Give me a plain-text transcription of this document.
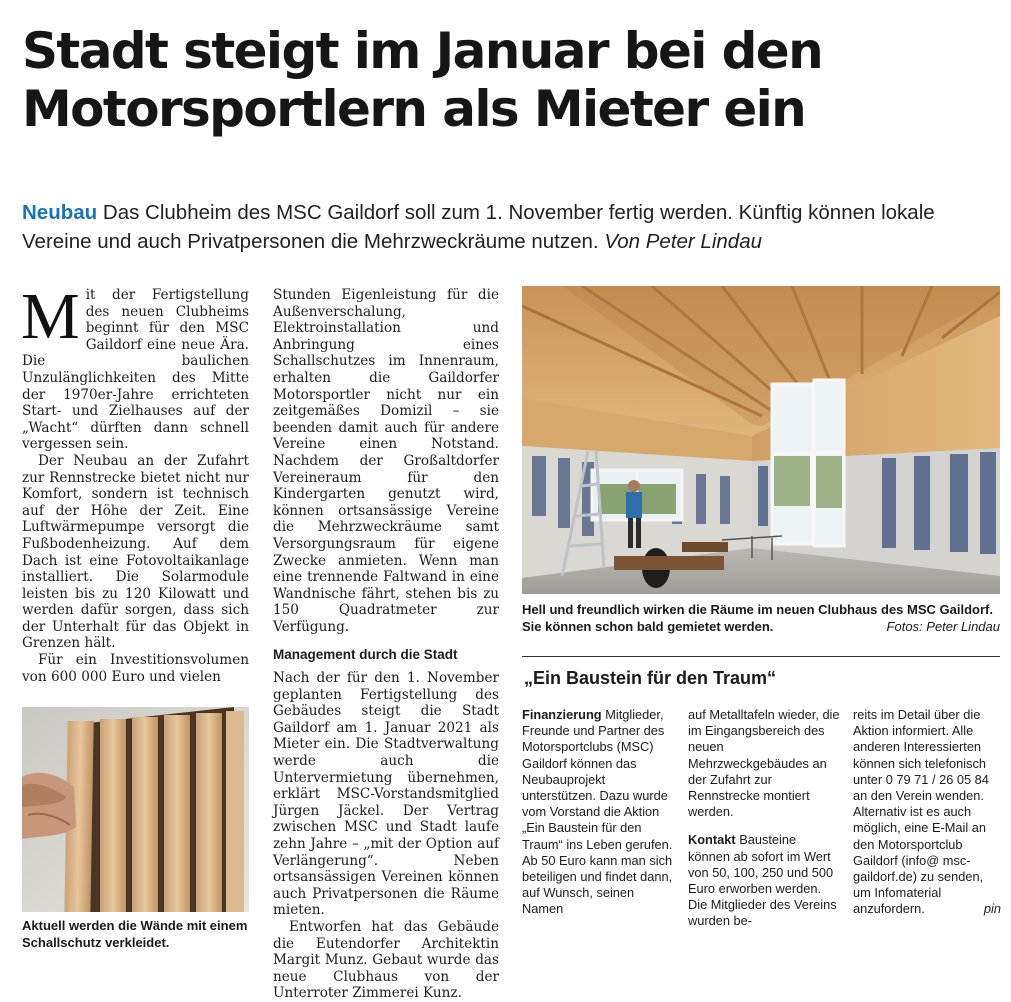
Stadt steigt im Januar bei den
Motorsportlern als Mieter ein
Neubau Das Clubheim des MSC Gaildorf soll zum 1. November fertig werden. Künftig können lokale Vereine und auch Privatpersonen die Mehrzweckräume nutzen. Von Peter Lindau

Mit der Fertigstellung des neuen Clubheims beginnt für den MSC Gaildorf eine neue Ära. Die baulichen Unzulänglichkeiten des Mitte der 1970er-Jahre errichteten Start- und Zielhauses auf der „Wacht“ dürften dann schnell vergessen sein.

Der Neubau an der Zufahrt zur Rennstrecke bietet nicht nur Komfort, sondern ist technisch auf der Höhe der Zeit. Eine Luftwärmepumpe versorgt die Fußbodenheizung. Auf dem Dach ist eine Fotovoltaikanlage installiert. Die Solarmodule leisten bis zu 120 Kilowatt und werden dafür sorgen, dass sich der Unterhalt für das Objekt in Grenzen hält.

Für ein Investitionsvolumen von 600 000 Euro und vielen

Aktuell werden die Wände mit einem Schallschutz verkleidet.

Stunden Eigenleistung für die Außenverschalung, Elektroinstallation und Anbringung eines Schallschutzes im Innenraum, erhalten die Gaildorfer Motorsportler nicht nur ein zeitgemäßes Domizil – sie beenden damit auch für andere Vereine einen Notstand. Nachdem der Großaltdorfer Vereineraum für den Kindergarten genutzt wird, können ortsansässige Vereine die Mehrzweckräume samt Versorgungsraum für eigene Zwecke anmieten. Wenn man eine trennende Faltwand in eine Wandnische fährt, stehen bis zu 150 Quadratmeter zur Verfügung.

Management durch die Stadt

Nach der für den 1. November geplanten Fertigstellung des Gebäudes steigt die Stadt Gaildorf am 1. Januar 2021 als Mieter ein. Die Stadtverwaltung werde auch die Untervermietung übernehmen, erklärt MSC-Vorstandsmitglied Jürgen Jäckel. Der Vertrag zwischen MSC und Stadt laufe zehn Jahre – „mit der Option auf Verlängerung“. Neben ortsansässigen Vereinen können auch Privatpersonen die Räume mieten.

Entworfen hat das Gebäude die Eutendorfer Architektin Margit Munz. Gebaut wurde das neue Clubhaus von der Unterroter Zimmerei Kunz.

Hell und freundlich wirken die Räume im neuen Clubhaus des MSC Gaildorf. Sie können schon bald gemietet werden.	Fotos: Peter Lindau
„Ein Baustein für den Traum“

Finanzierung Mitglieder, Freunde und Partner des Motorsportclubs (MSC) Gaildorf können das Neubauprojekt unterstützen. Dazu wurde vom Vorstand die Aktion „Ein Baustein für den Traum“ ins Leben gerufen. Ab 50 Euro kann man sich beteiligen und findet dann, auf Wunsch, seinen Namen

auf Metalltafeln wieder, die im Eingangsbereich des neuen Mehrzweckgebäudes an der Zufahrt zur Rennstrecke montiert werden.

Kontakt Bausteine können ab sofort im Wert von 50, 100, 250 und 500 Euro erworben werden. Die Mitglieder des Vereins wurden be-

reits im Detail über die Aktion informiert. Alle anderen Interessierten können sich telefonisch unter 0 79 71 / 26 05 84 an den Verein wenden. Alternativ ist es auch möglich, eine E-Mail an den Motorsportclub Gaildorf (info@ msc-gaildorf.de) zu senden, um Infomaterial anzufordern.	pin
